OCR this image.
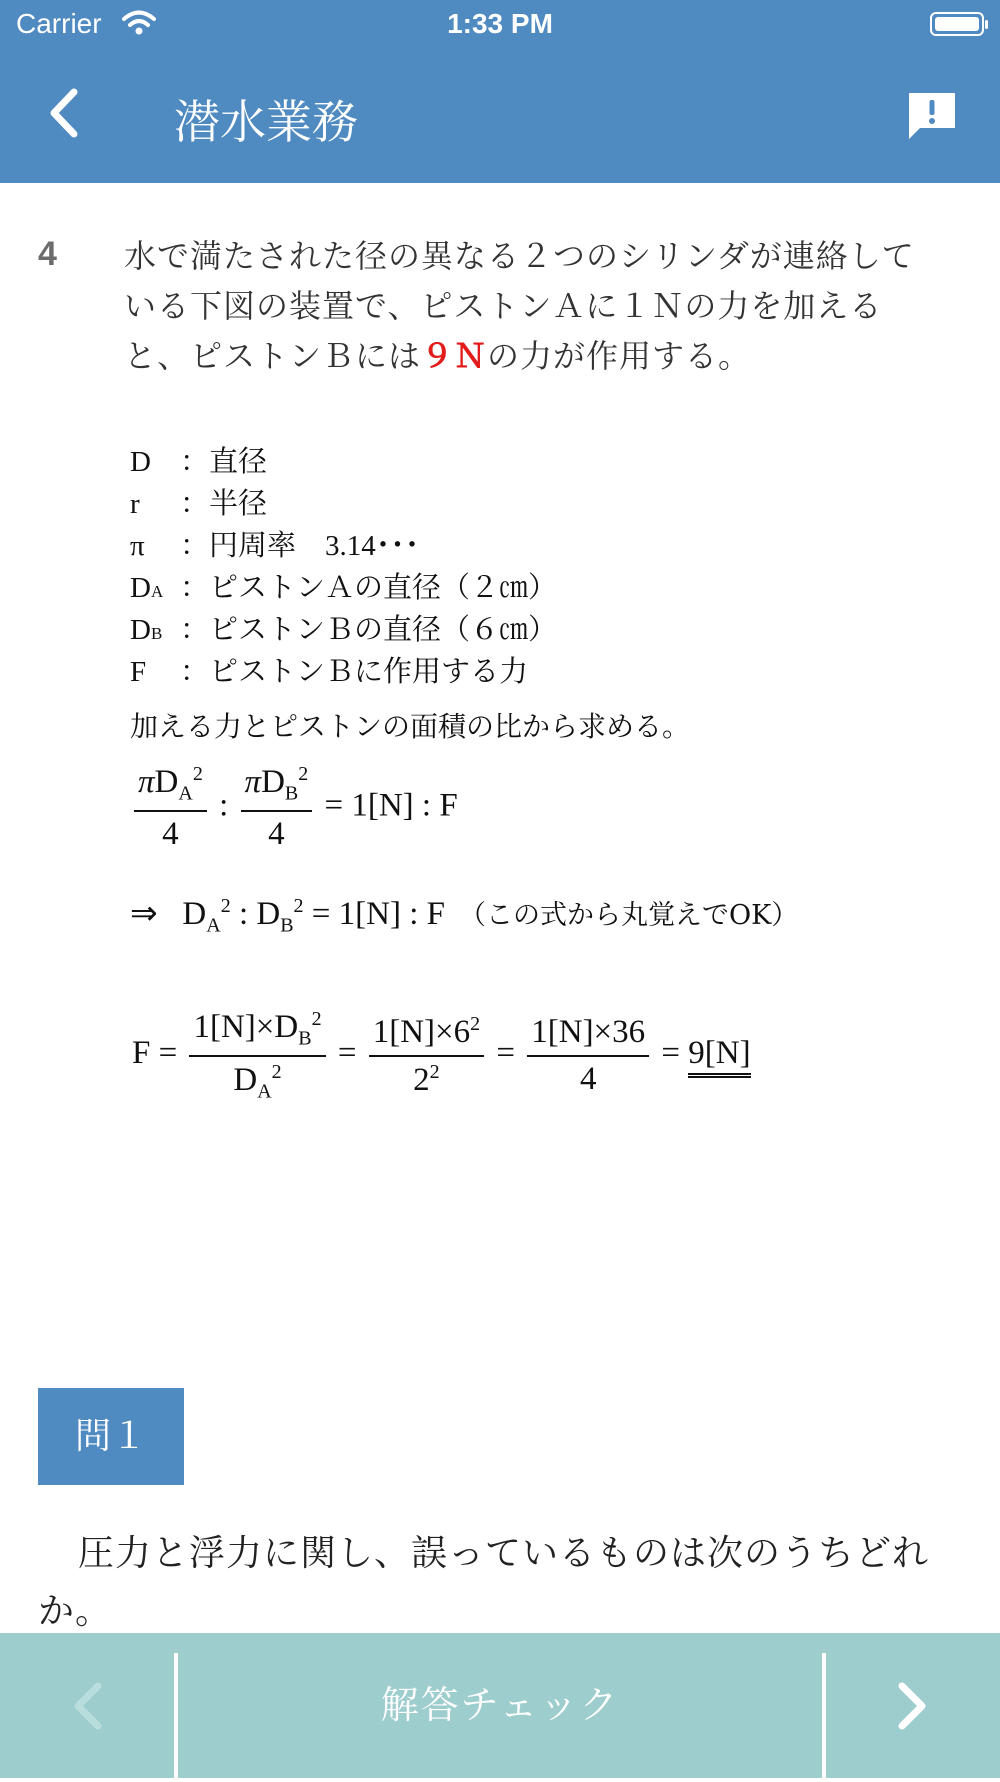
Carrier	1:33 PM
潜水業務
4 水で満たされた径の異なる２つのシリンダが連絡している下図の装置で、ピストンＡに１Ｎの力を加えると、ピストンＢには９Ｎの力が作用する。
D	： 直径
r	： 半径
π	： 円周率　3.14･･･
DA ： ピストンＡの直径（２㎝）
DB ： ピストンＢの直径（６㎝）
F	： ピストンＢに作用する力
加える力とピストンの面積の比から求める。
$\frac{\pi D_A^2}{4}$ : $\frac{\pi D_B^2}{4} = 1[N]$ : F
⇒   $D_A^2$ : $D_B^2 = 1[N]$ : F （この式から丸覚えでOK）
$F = \frac{1[N]\times D_B^2}{D_A^2} = \frac{1[N]\times 6^2}{2^2} = \frac{1[N]\times 36}{4} = 9[N]$
問１
圧力と浮力に関し、誤っているものは次のうちどれか。
解答チェック
